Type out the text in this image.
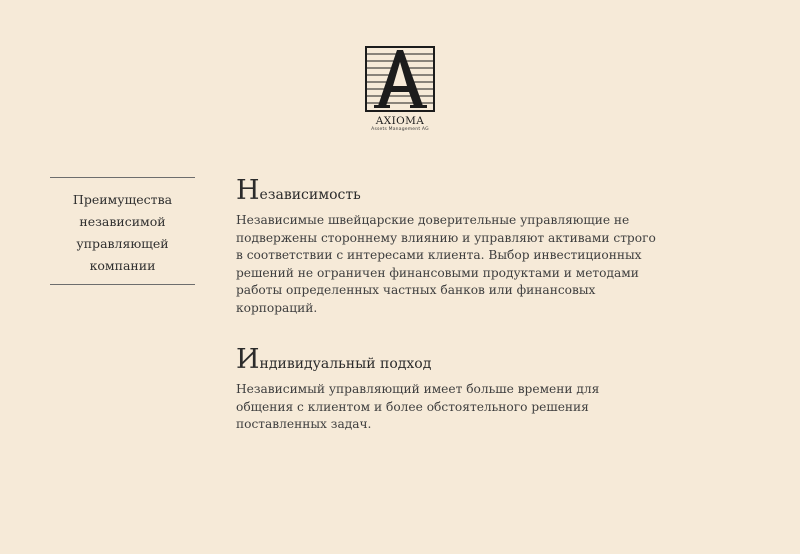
AXIOMA
Assets Management AG
Преимущества
независимой
управляющей
компании
Независимость

Независимые швейцарские доверительные управляющие не
подвержены стороннему влиянию и управляют активами строго
в соответствии с интересами клиента. Выбор инвестиционных
решений не ограничен финансовыми продуктами и методами
работы определенных частных банков или финансовых
корпораций.

Индивидуальный подход

Независимый управляющий имеет больше времени для
общения с клиентом и более обстоятельного решения
поставленных задач.
